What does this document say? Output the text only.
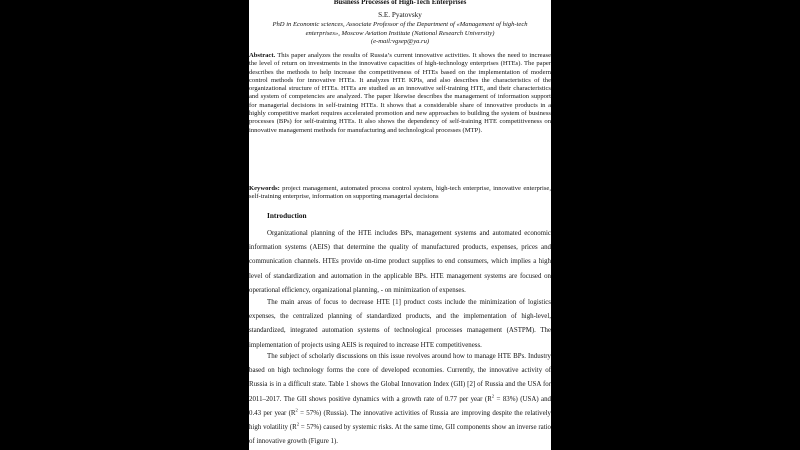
Business Processes of High-Tech Enterprises
S.E. Pyatovsky
PhD in Economic sciences, Associate Professor of the Department of «Management of high-tech enterprises», Moscow Aviation Institute (National Research University)
(e-mail:vgsep@ya.ru)
Abstract. This paper analyzes the results of Russia’s current innovative activities. It shows the need to increase the level of return on investments in the innovative capacities of high-technology enterprises (HTEs). The paper describes the methods to help increase the competitiveness of HTEs based on the implementation of modern control methods for innovative HTEs. It analyzes HTE KPIs, and also describes the characteristics of the organizational structure of HTEs. HTEs are studied as an innovative self-training HTE, and their characteristics and system of competencies are analyzed. The paper likewise describes the management of information support for managerial decisions in self-training HTEs. It shows that a considerable share of innovative products in a highly competitive market requires accelerated promotion and new approaches to building the system of business processes (BPs) for self-training HTEs. It also shows the dependency of self-training HTE competitiveness on innovative management methods for manufacturing and technological processes (MTP).
Keywords: project management, automated process control system, high-tech enterprise, innovative enterprise, self-training enterprise, information on supporting managerial decisions
Introduction
Organizational planning of the HTE includes BPs, management systems and automated economic information systems (AEIS) that determine the quality of manufactured products, expenses, prices and communication channels. HTEs provide on-time product supplies to end consumers, which implies a high level of standardization and automation in the applicable BPs. HTE management systems are focused on operational efficiency, organizational planning, - on minimization of expenses.
The main areas of focus to decrease HTE [1] product costs include the minimization of logistics expenses, the centralized planning of standardized products, and the implementation of high-level, standardized, integrated automation systems of technological processes management (ASTPM). The implementation of projects using AEIS is required to increase HTE competitiveness.
The subject of scholarly discussions on this issue revolves around how to manage HTE BPs. Industry based on high technology forms the core of developed economies. Currently, the innovative activity of Russia is in a difficult state. Table 1 shows the Global Innovation Index (GII) [2] of Russia and the USA for 2011–2017. The GII shows positive dynamics with a growth rate of 0.77 per year $(R^2 = 83\%)$ (USA) and 0.43 per year $(R^2 = 57\%)$ (Russia). The innovative activities of Russia are improving despite the relatively high volatility $(R^2 = 57\%)$ caused by systemic risks. At the same time, GII components show an inverse ratio of innovative growth (Figure 1).
